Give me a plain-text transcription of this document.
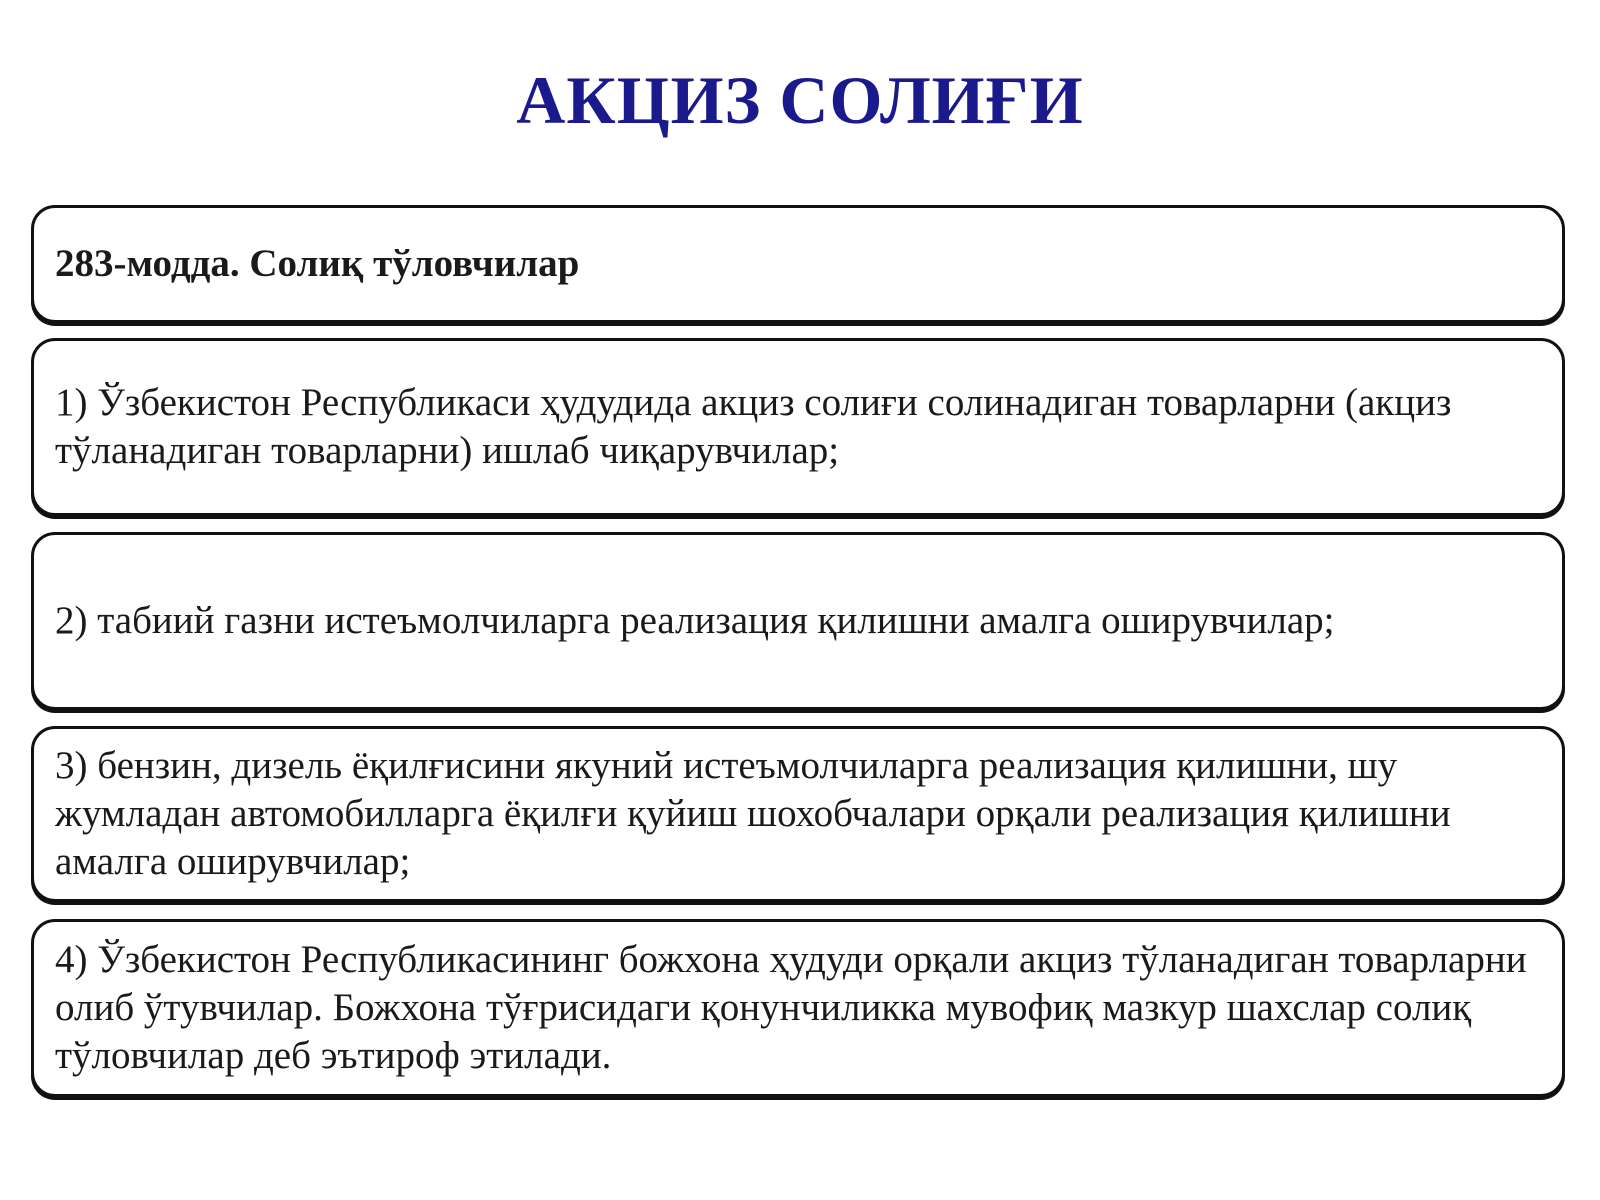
АКЦИЗ СОЛИҒИ
283-модда. Солиқ тўловчилар
1) Ўзбекистон Республикаси ҳудудида акциз солиғи солинадиган товарларни (акциз тўланадиган товарларни) ишлаб чиқарувчилар;
2) табиий газни истеъмолчиларга реализация қилишни амалга оширувчилар;
3) бензин, дизель ёқилғисини якуний истеъмолчиларга реализация қилишни, шу жумладан автомобилларга ёқилғи қуйиш шохобчалари орқали реализация қилишни амалга оширувчилар;
4) Ўзбекистон Республикасининг божхона ҳудуди орқали акциз тўланадиган товарларни олиб ўтувчилар. Божхона тўғрисидаги қонунчиликка мувофиқ мазкур шахслар солиқ тўловчилар деб эътироф этилади.
